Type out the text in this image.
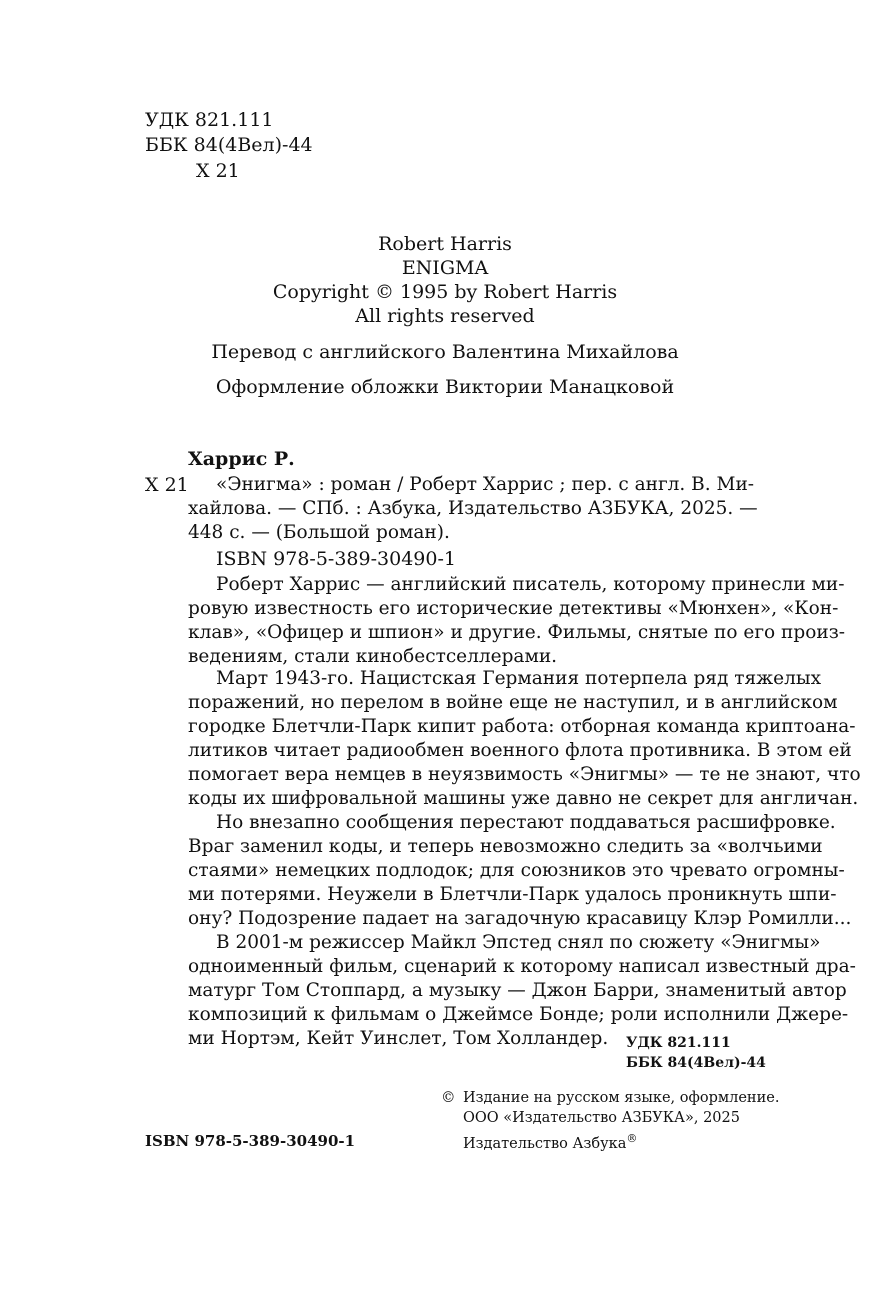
УДК 821.111
ББК 84(4Вел)-44
Х 21
Robert Harris
ENIGMA
Copyright © 1995 by Robert Harris
All rights reserved
Перевод с английского Валентина Михайлова
Оформление обложки Виктории Манацковой
Харрис Р.
Х 21 «Энигма» : роман / Роберт Харрис ; пер. с англ. В. Ми-
хайлова. — СПб. : Азбука, Издательство АЗБУКА, 2025. —
448 с. — (Большой роман).
ISBN 978-5-389-30490-1
Роберт Харрис — английский писатель, которому принесли ми-
ровую известность его исторические детективы «Мюнхен», «Кон-
клав», «Офицер и шпион» и другие. Фильмы, снятые по его произ-
ведениям, стали кинобестселлерами.
Март 1943-го. Нацистская Германия потерпела ряд тяжелых
поражений, но перелом в войне еще не наступил, и в английском
городке Блетчли-Парк кипит работа: отборная команда криптоана-
литиков читает радиообмен военного флота противника. В этом ей
помогает вера немцев в неуязвимость «Энигмы» — те не знают, что
коды их шифровальной машины уже давно не секрет для англичан.
Но внезапно сообщения перестают поддаваться расшифровке.
Враг заменил коды, и теперь невозможно следить за «волчьими
стаями» немецких подлодок; для союзников это чревато огромны-
ми потерями. Неужели в Блетчли-Парк удалось проникнуть шпи-
ону? Подозрение падает на загадочную красавицу Клэр Ромилли...
В 2001-м режиссер Майкл Эпстед снял по сюжету «Энигмы»
одноименный фильм, сценарий к которому написал известный дра-
матург Том Стоппард, а музыку — Джон Барри, знаменитый автор
композиций к фильмам о Джеймсе Бонде; роли исполнили Джере-
ми Нортэм, Кейт Уинслет, Том Холландер.	УДК 821.111
ББК 84(4Вел)-44
ISBN 978-5-389-30490-1
© Издание на русском языке, оформление.
ООО «Издательство АЗБУКА», 2025
Издательство Азбука®
